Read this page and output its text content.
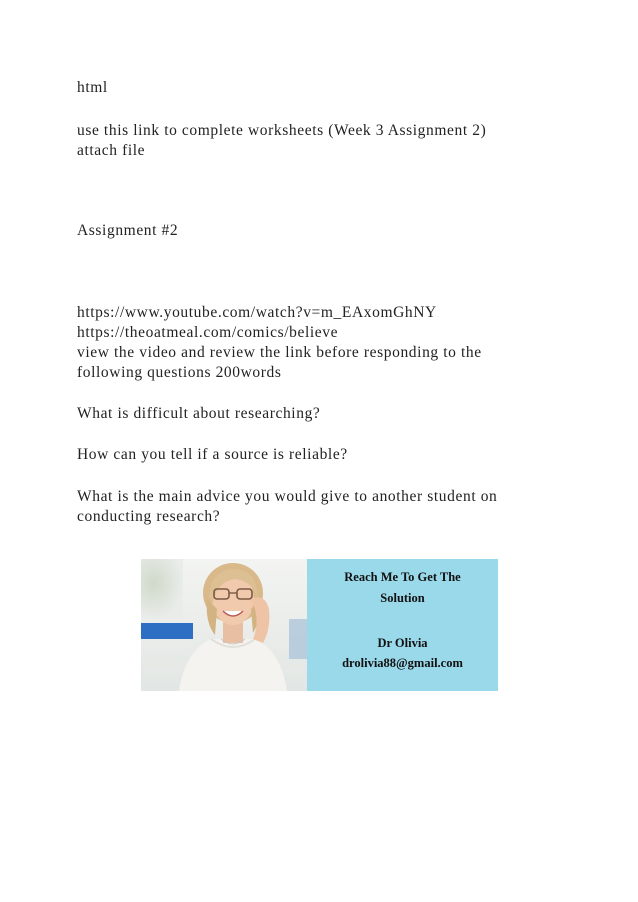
html
use this link to complete worksheets (Week 3 Assignment 2)
attach file
Assignment #2
https://www.youtube.com/watch?v=m_EAxomGhNY
https://theoatmeal.com/comics/believe
view the video and review the link before responding to the
following questions 200words
What is difficult about researching?
How can you tell if a source is reliable?
What is the main advice you would give to another student on
conducting research?
Reach Me To Get The
Solution
Dr Olivia
drolivia88@gmail.com
